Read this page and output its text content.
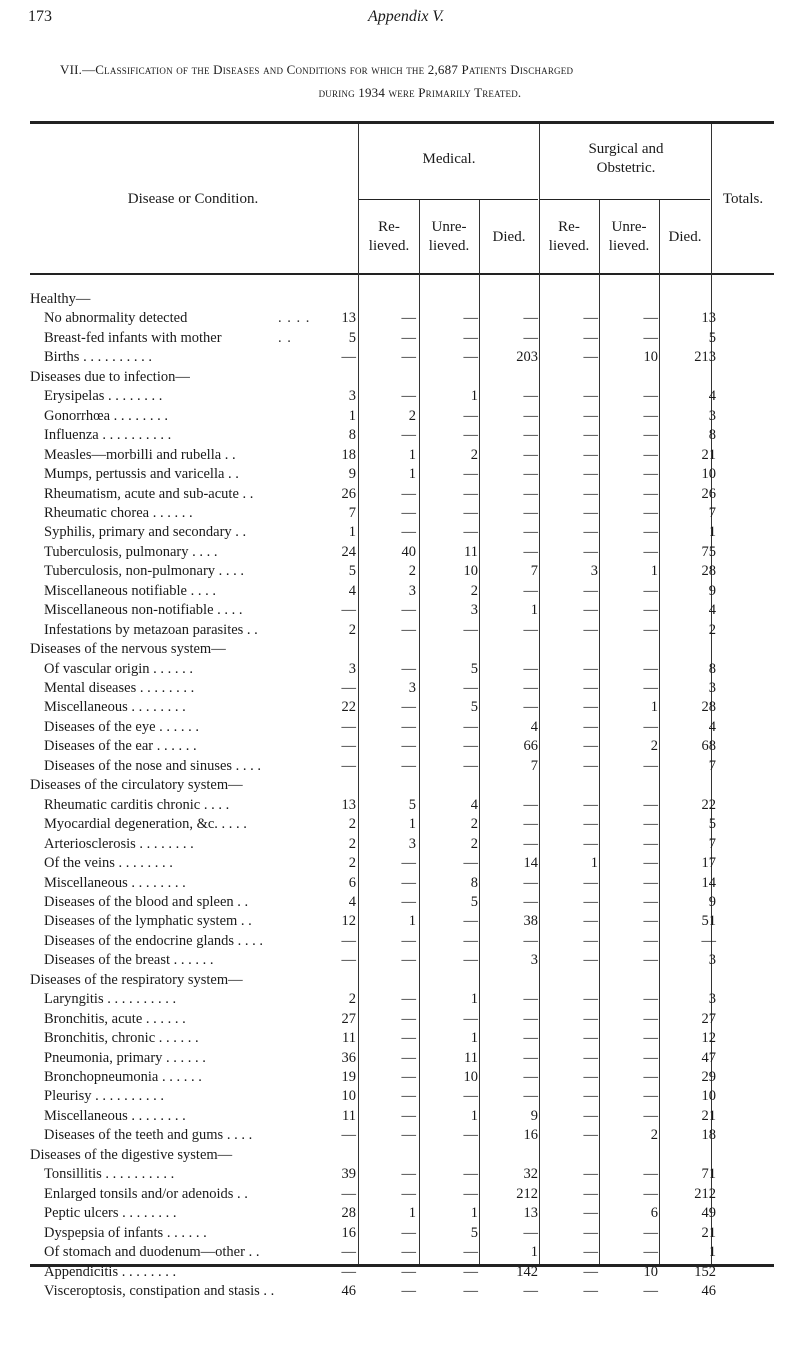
173	Appendix V.
VII.—Classification of the Diseases and Conditions for which the 2,687 Patients Discharged
during 1934 were Primarily Treated.
Disease or Condition.
Medical.
Surgical and Obstetric.
Totals.
Re- lieved.
Unre- lieved.
Died.
Re- lieved.
Unre- lieved.
Died.
Healthy—
No abnormality detected	. . . .	13	—	—	—	—	—	13
Breast-fed infants with mother	. .	5	—	—	—	—	—	5
Births . . . . . . . . . .	—	—	—	203	—	10	213
Diseases due to infection—
Erysipelas . . . . . . . .	3	—	1	—	—	—	4
Gonorrhœa . . . . . . . .	1	2	—	—	—	—	3
Influenza . . . . . . . . . .	8	—	—	—	—	—	8
Measles—morbilli and rubella . .	18	1	2	—	—	—	21
Mumps, pertussis and varicella . .	9	1	—	—	—	—	10
Rheumatism, acute and sub-acute . .	26	—	—	—	—	—	26
Rheumatic chorea . . . . . .	7	—	—	—	—	—	7
Syphilis, primary and secondary . .	1	—	—	—	—	—	1
Tuberculosis, pulmonary . . . .	24	40	11	—	—	—	75
Tuberculosis, non-pulmonary . . . .	5	2	10	7	3	1	28
Miscellaneous notifiable . . . .	4	3	2	—	—	—	9
Miscellaneous non-notifiable . . . .	—	—	3	1	—	—	4
Infestations by metazoan parasites . .	2	—	—	—	—	—	2
Diseases of the nervous system—
Of vascular origin . . . . . .	3	—	5	—	—	—	8
Mental diseases . . . . . . . .	—	3	—	—	—	—	3
Miscellaneous . . . . . . . .	22	—	5	—	—	1	28
Diseases of the eye . . . . . .	—	—	—	4	—	—	4
Diseases of the ear . . . . . .	—	—	—	66	—	2	68
Diseases of the nose and sinuses . . . .	—	—	—	7	—	—	7
Diseases of the circulatory system—
Rheumatic carditis chronic . . . .	13	5	4	—	—	—	22
Myocardial degeneration, &c. . . . .	2	1	2	—	—	—	5
Arteriosclerosis . . . . . . . .	2	3	2	—	—	—	7
Of the veins . . . . . . . .	2	—	—	14	1	—	17
Miscellaneous . . . . . . . .	6	—	8	—	—	—	14
Diseases of the blood and spleen . .	4	—	5	—	—	—	9
Diseases of the lymphatic system . .	12	1	—	38	—	—	51
Diseases of the endocrine glands . . . .	—	—	—	—	—	—	—
Diseases of the breast . . . . . .	—	—	—	3	—	—	3
Diseases of the respiratory system—
Laryngitis . . . . . . . . . .	2	—	1	—	—	—	3
Bronchitis, acute . . . . . .	27	—	—	—	—	—	27
Bronchitis, chronic . . . . . .	11	—	1	—	—	—	12
Pneumonia, primary . . . . . .	36	—	11	—	—	—	47
Bronchopneumonia . . . . . .	19	—	10	—	—	—	29
Pleurisy . . . . . . . . . .	10	—	—	—	—	—	10
Miscellaneous . . . . . . . .	11	—	1	9	—	—	21
Diseases of the teeth and gums . . . .	—	—	—	16	—	2	18
Diseases of the digestive system—
Tonsillitis . . . . . . . . . .	39	—	—	32	—	—	71
Enlarged tonsils and/or adenoids . .	—	—	—	212	—	—	212
Peptic ulcers . . . . . . . .	28	1	1	13	—	6	49
Dyspepsia of infants . . . . . .	16	—	5	—	—	—	21
Of stomach and duodenum—other . .	—	—	—	1	—	—	1
Appendicitis . . . . . . . .	—	—	—	142	—	10	152
Visceroptosis, constipation and stasis . .	46	—	—	—	—	—	46
